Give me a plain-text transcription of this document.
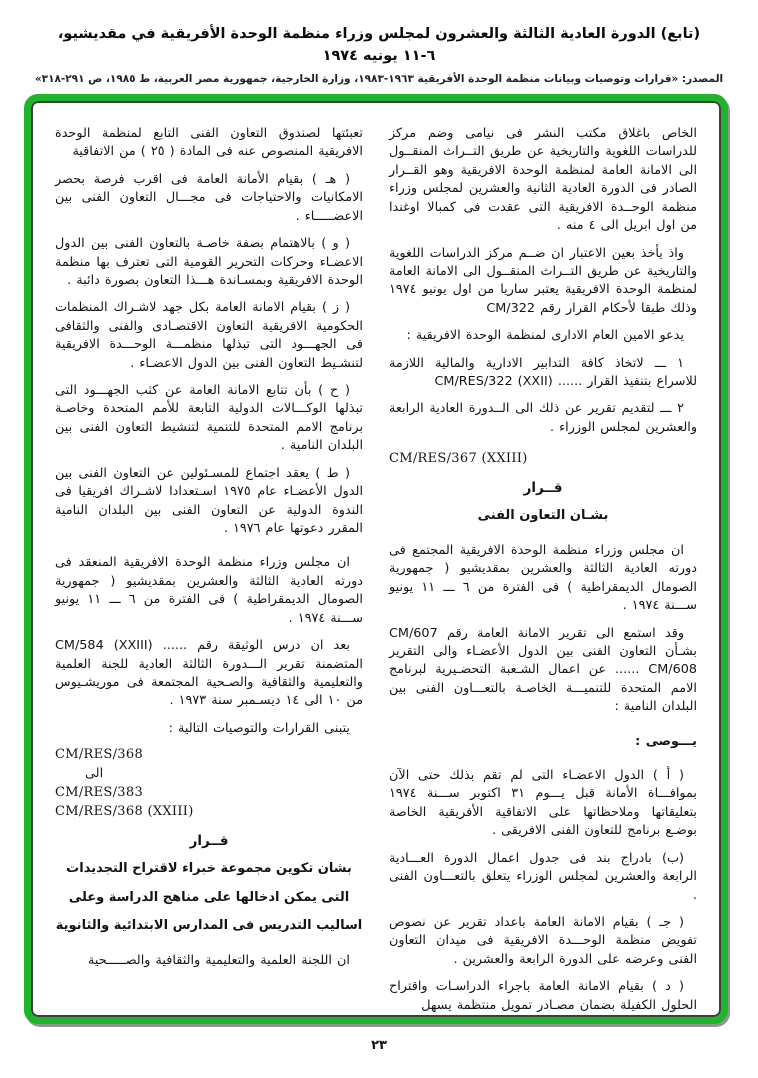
(تابع) الدورة العادية الثالثة والعشرون لمجلس وزراء منظمة الوحدة الأفريقية في مقديشيو، ٦-١١ يونيه ١٩٧٤
المصدر: «قرارات وتوصيات وبيانات منظمة الوحدة الأفريقية ١٩٦٣-١٩٨٣، وزارة الخارجية، جمهورية مصر العربية، ط ١٩٨٥، ص ٢٩١-٣١٨»

الخاص باغلاق مكتب النشر فى نيامى وضم مركز للدراسات اللغوية والتاريخية عن طريق التــراث المنقــول الى الامانة العامة لمنظمة الوحدة الافريقية وهو القــرار الصادر فى الدورة العادية الثانية والعشرين لمجلس وزراء منظمة الوحــدة الافريقية التى عقدت فى كمبالا اوغندا من اول ابريل الى ٤ منه .

واذ يأخذ بعين الاعتبار ان ضــم مركز الدراسات اللغوية والتاريخية عن طريق التــراث المنقــول الى الامانة العامة لمنظمة الوحدة الافريقية يعتبر ساريا من اول يونيو ١٩٧٤ وذلك طبقا لأحكام القرار رقم CM/322

يدعو الامين العام الادارى لمنظمة الوحدة الافريقية :

١ ـــ لاتخاذ كافة التدابير الادارية والمالية اللازمة للاسراع بتنفيذ القرار ...... CM/RES/322 (XXII)

٢ ـــ لتقديم تقرير عن ذلك الى الــدورة العادية الرابعة والعشرين لمجلس الوزراء .

CM/RES/367 (XXIII)

قــرار

بشـان التعاون الفنى

ان مجلس وزراء منظمة الوحدة الافريقية المجتمع فى دورته العادية الثالثة والعشرين بمقديشيو ( جمهورية الصومال الديمقراطية ) فى الفترة من ٦ ـــ ١١ يونيو ســـنة ١٩٧٤ .

وقد استمع الى تقرير الامانة العامة رقم CM/607 بشـأن التعاون الفنى بين الدول الأعضـاء والى التقرير CM/608 ...... عن اعمال الشـعبة التحضـيرية لبرنامج الامم المتحدة للتنميـــة الخاصـة بالتعـــاون الفنى بين البلدان النامية :

يـــوصى :

( أ ) الدول الاعضـاء التى لم تقم بذلك حتى الآن بموافـــاة الأمانة قبل يـــوم ٣١ اكتوبر ســـنة ١٩٧٤ بتعليقاتها وملاحظاتها على الاتفاقية الأفريقية الخاصة بوضـع برنامج للتعاون الفنى الافريقى .

(ب) بادراج بند فى جدول اعمال الدورة العـــادية الرابعة والعشرين لمجلس الوزراء يتعلق بالتعـــاون الفنى .

( جـ ) بقيام الامانة العامة باعداد تقرير عن نصوص تفويض منظمة الوحـــدة الافريقية فى ميدان التعاون الفنى وعرضه على الدورة الرابعة والعشرين .

( د ) بقيام الامانة العامة باجراء الدراسـات واقتراح الحلول الكفيلة بضمان مصـادر تمويل منتظمة يسهل

تعبئتها لصندوق التعاون الفنى التابع لمنظمة الوحدة الافريقية المنصوص عنه فى المادة ( ٢٥ ) من الاتفاقية

( هـ ) بقيام الأمانة العامة فى اقرب فرصة بحصر الامكانيات والاحتياجات فى مجـــال التعاون الفنى بين الاعضـــــاء .

( و ) بالاهتمام بصفة خاصـة بالتعاون الفنى بين الدول الاعضـاء وحركات التحرير القومية التى تعترف بها منظمة الوحدة الافريقية وبمسـاندة هـــذا التعاون بصورة دائبة .

( ز ) بقيام الامانة العامة بكل جهد لاشـراك المنظمات الحكومية الافريقية التعاون الاقتصـادى والفنى والثقافى فى الجهـــود التى تبذلها منظمـــة الوحـــدة الافريقية لتنشـيط التعاون الفنى بين الدول الاعضـاء .

( ح ) بأن تتابع الامانة العامة عن كثب الجهـــود التى تبذلها الوكـــالات الدولية التابعة للأمم المتحدة وخاصـة برنامج الامم المتحدة للتنمية لتنشيط التعاون الفنى بين البلدان النامية .

( ط ) يعقد اجتماع للمسـئولين عن التعاون الفنى بين الدول الأعضـاء عام ١٩٧٥ اسـتعدادا لاشـراك افريقيا فى الندوة الدولية عن التعاون الفنى بين البلدان النامية المقرر دعوتها عام ١٩٧٦ .

ان مجلس وزراء منظمة الوحدة الافريقية المنعقد فى دورته العادية الثالثة والعشرين بمقديشيو ( جمهورية الصومال الديمقراطية ) فى الفترة من ٦ ـــ ١١ يونيو ســـنة ١٩٧٤ .

بعد ان درس الوثيقة رقم ...... CM/584 (XXIII) المتضمنة تقرير الـــدورة الثالثة العادية للجنة العلمية والتعليمية والثقافية والصـحية المجتمعة فى موريشـيوس من ١٠ الى ١٤ ديسـمبر سنة ١٩٧٣ .

يتبنى القرارات والتوصيات التالية :

CM/RES/368

الى

CM/RES/383

CM/RES/368 (XXIII)

قــرار

بشان تكوين مجموعة خبراء لاقتراح التجديدات

التى يمكن ادخالها على مناهج الدراسة وعلى

اساليب التدريس فى المدارس الابتدائية والثانوية

ان اللجنة العلمية والتعليمية والثقافية والصـــــحية

٢٣
